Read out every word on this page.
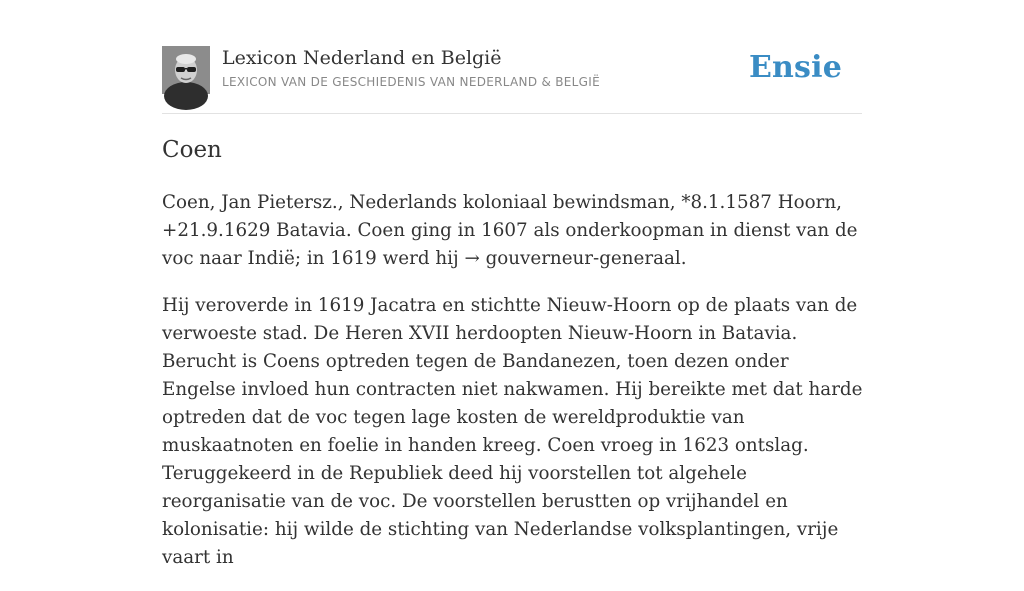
Lexicon Nederland en België
LEXICON VAN DE GESCHIEDENIS VAN NEDERLAND & BELGIË	Ensie
Coen

Coen, Jan Pietersz., Nederlands koloniaal bewindsman, *8.1.1587 Hoorn, +21.9.1629 Batavia. Coen ging in 1607 als onderkoopman in dienst van de voc naar Indië; in 1619 werd hij → gouverneur-generaal.

Hij veroverde in 1619 Jacatra en stichtte Nieuw-Hoorn op de plaats van de verwoeste stad. De Heren XVII herdoopten Nieuw-Hoorn in Batavia. Berucht is Coens optreden tegen de Bandanezen, toen dezen onder Engelse invloed hun contracten niet nakwamen. Hij bereikte met dat harde optreden dat de voc tegen lage kosten de wereldproduktie van muskaatnoten en foelie in handen kreeg. Coen vroeg in 1623 ontslag. Teruggekeerd in de Republiek deed hij voorstellen tot algehele reorganisatie van de voc. De voorstellen berustten op vrijhandel en kolonisatie: hij wilde de stichting van Nederlandse volksplantingen, vrije vaart in
